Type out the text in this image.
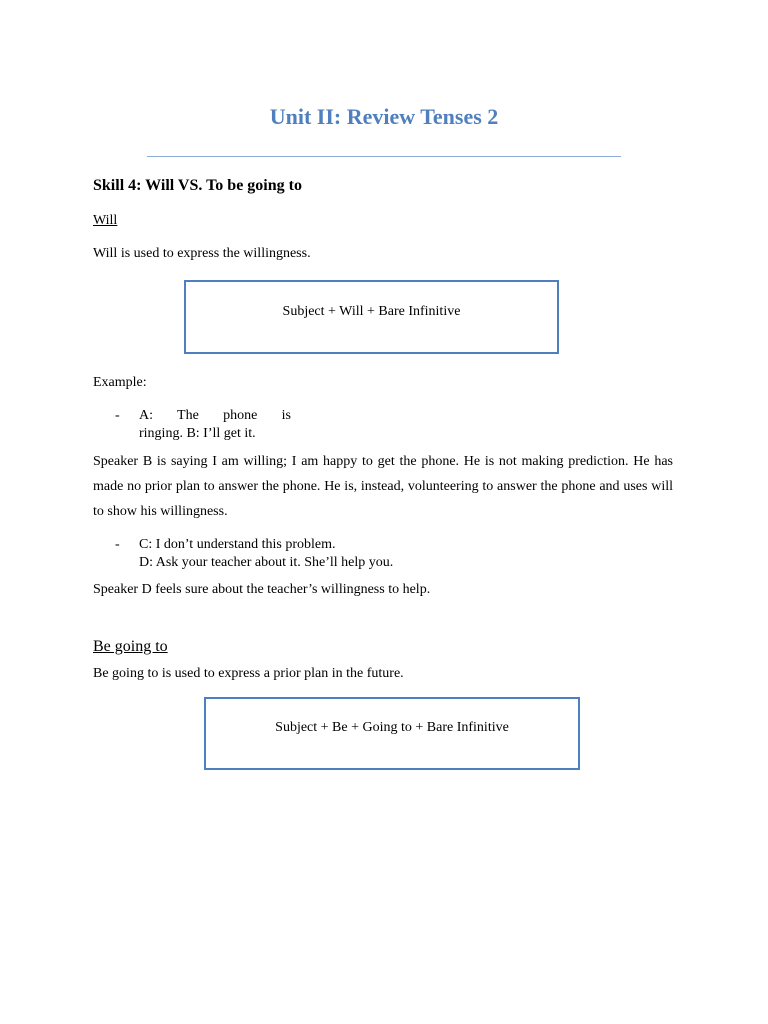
Unit II: Review Tenses 2
Skill 4: Will VS. To be going to

Will

Will is used to express the willingness.

Subject + Will + Bare Infinitive

Example:

- A: The phone is
ringing. B: I’ll get it.

Speaker B is saying I am willing; I am happy to get the phone. He is not making prediction. He has made no prior plan to answer the phone. He is, instead, volunteering to answer the phone and uses will to show his willingness.

- C: I don’t understand this problem.
D: Ask your teacher about it. She’ll help you.

Speaker D feels sure about the teacher’s willingness to help.

Be going to

Be going to is used to express a prior plan in the future.

Subject + Be + Going to + Bare Infinitive
